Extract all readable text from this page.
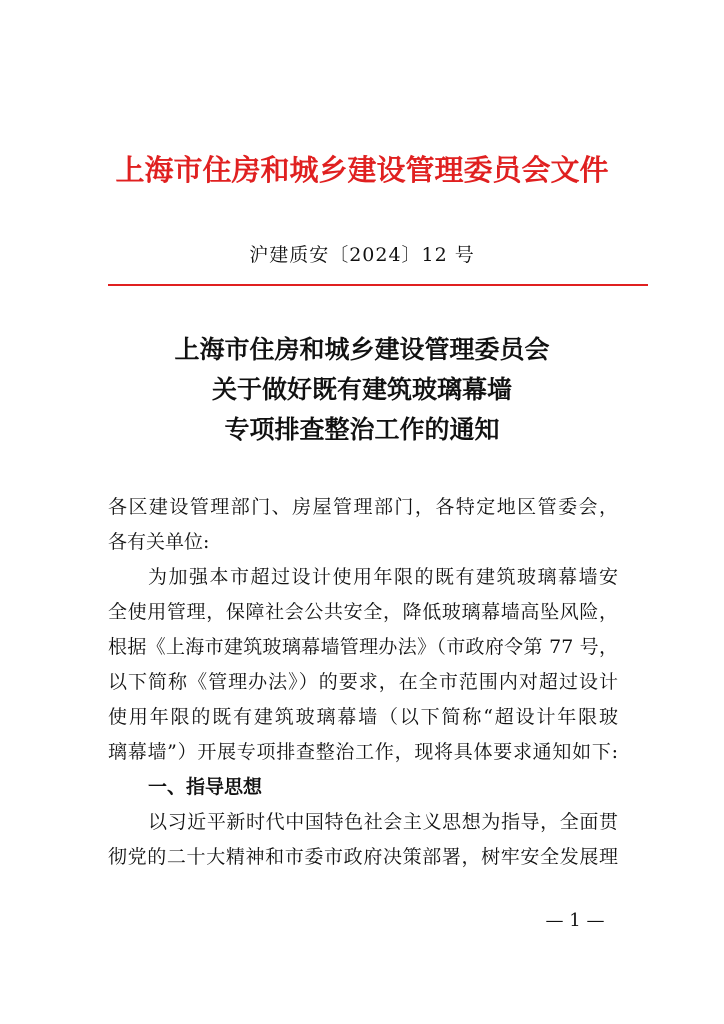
上海市住房和城乡建设管理委员会文件
沪建质安〔2024〕12 号
上海市住房和城乡建设管理委员会
关于做好既有建筑玻璃幕墙
专项排查整治工作的通知
各区建设管理部门、房屋管理部门，各特定地区管委会，
各有关单位:
为加强本市超过设计使用年限的既有建筑玻璃幕墙安
全使用管理，保障社会公共安全，降低玻璃幕墙高坠风险，
根据《上海市建筑玻璃幕墙管理办法》（市政府令第 77 号，
以下简称《管理办法》）的要求，在全市范围内对超过设计
使用年限的既有建筑玻璃幕墙（以下简称“超设计年限玻
璃幕墙”）开展专项排查整治工作，现将具体要求通知如下:
一、指导思想
以习近平新时代中国特色社会主义思想为指导，全面贯
彻党的二十大精神和市委市政府决策部署，树牢安全发展理
— 1 —
